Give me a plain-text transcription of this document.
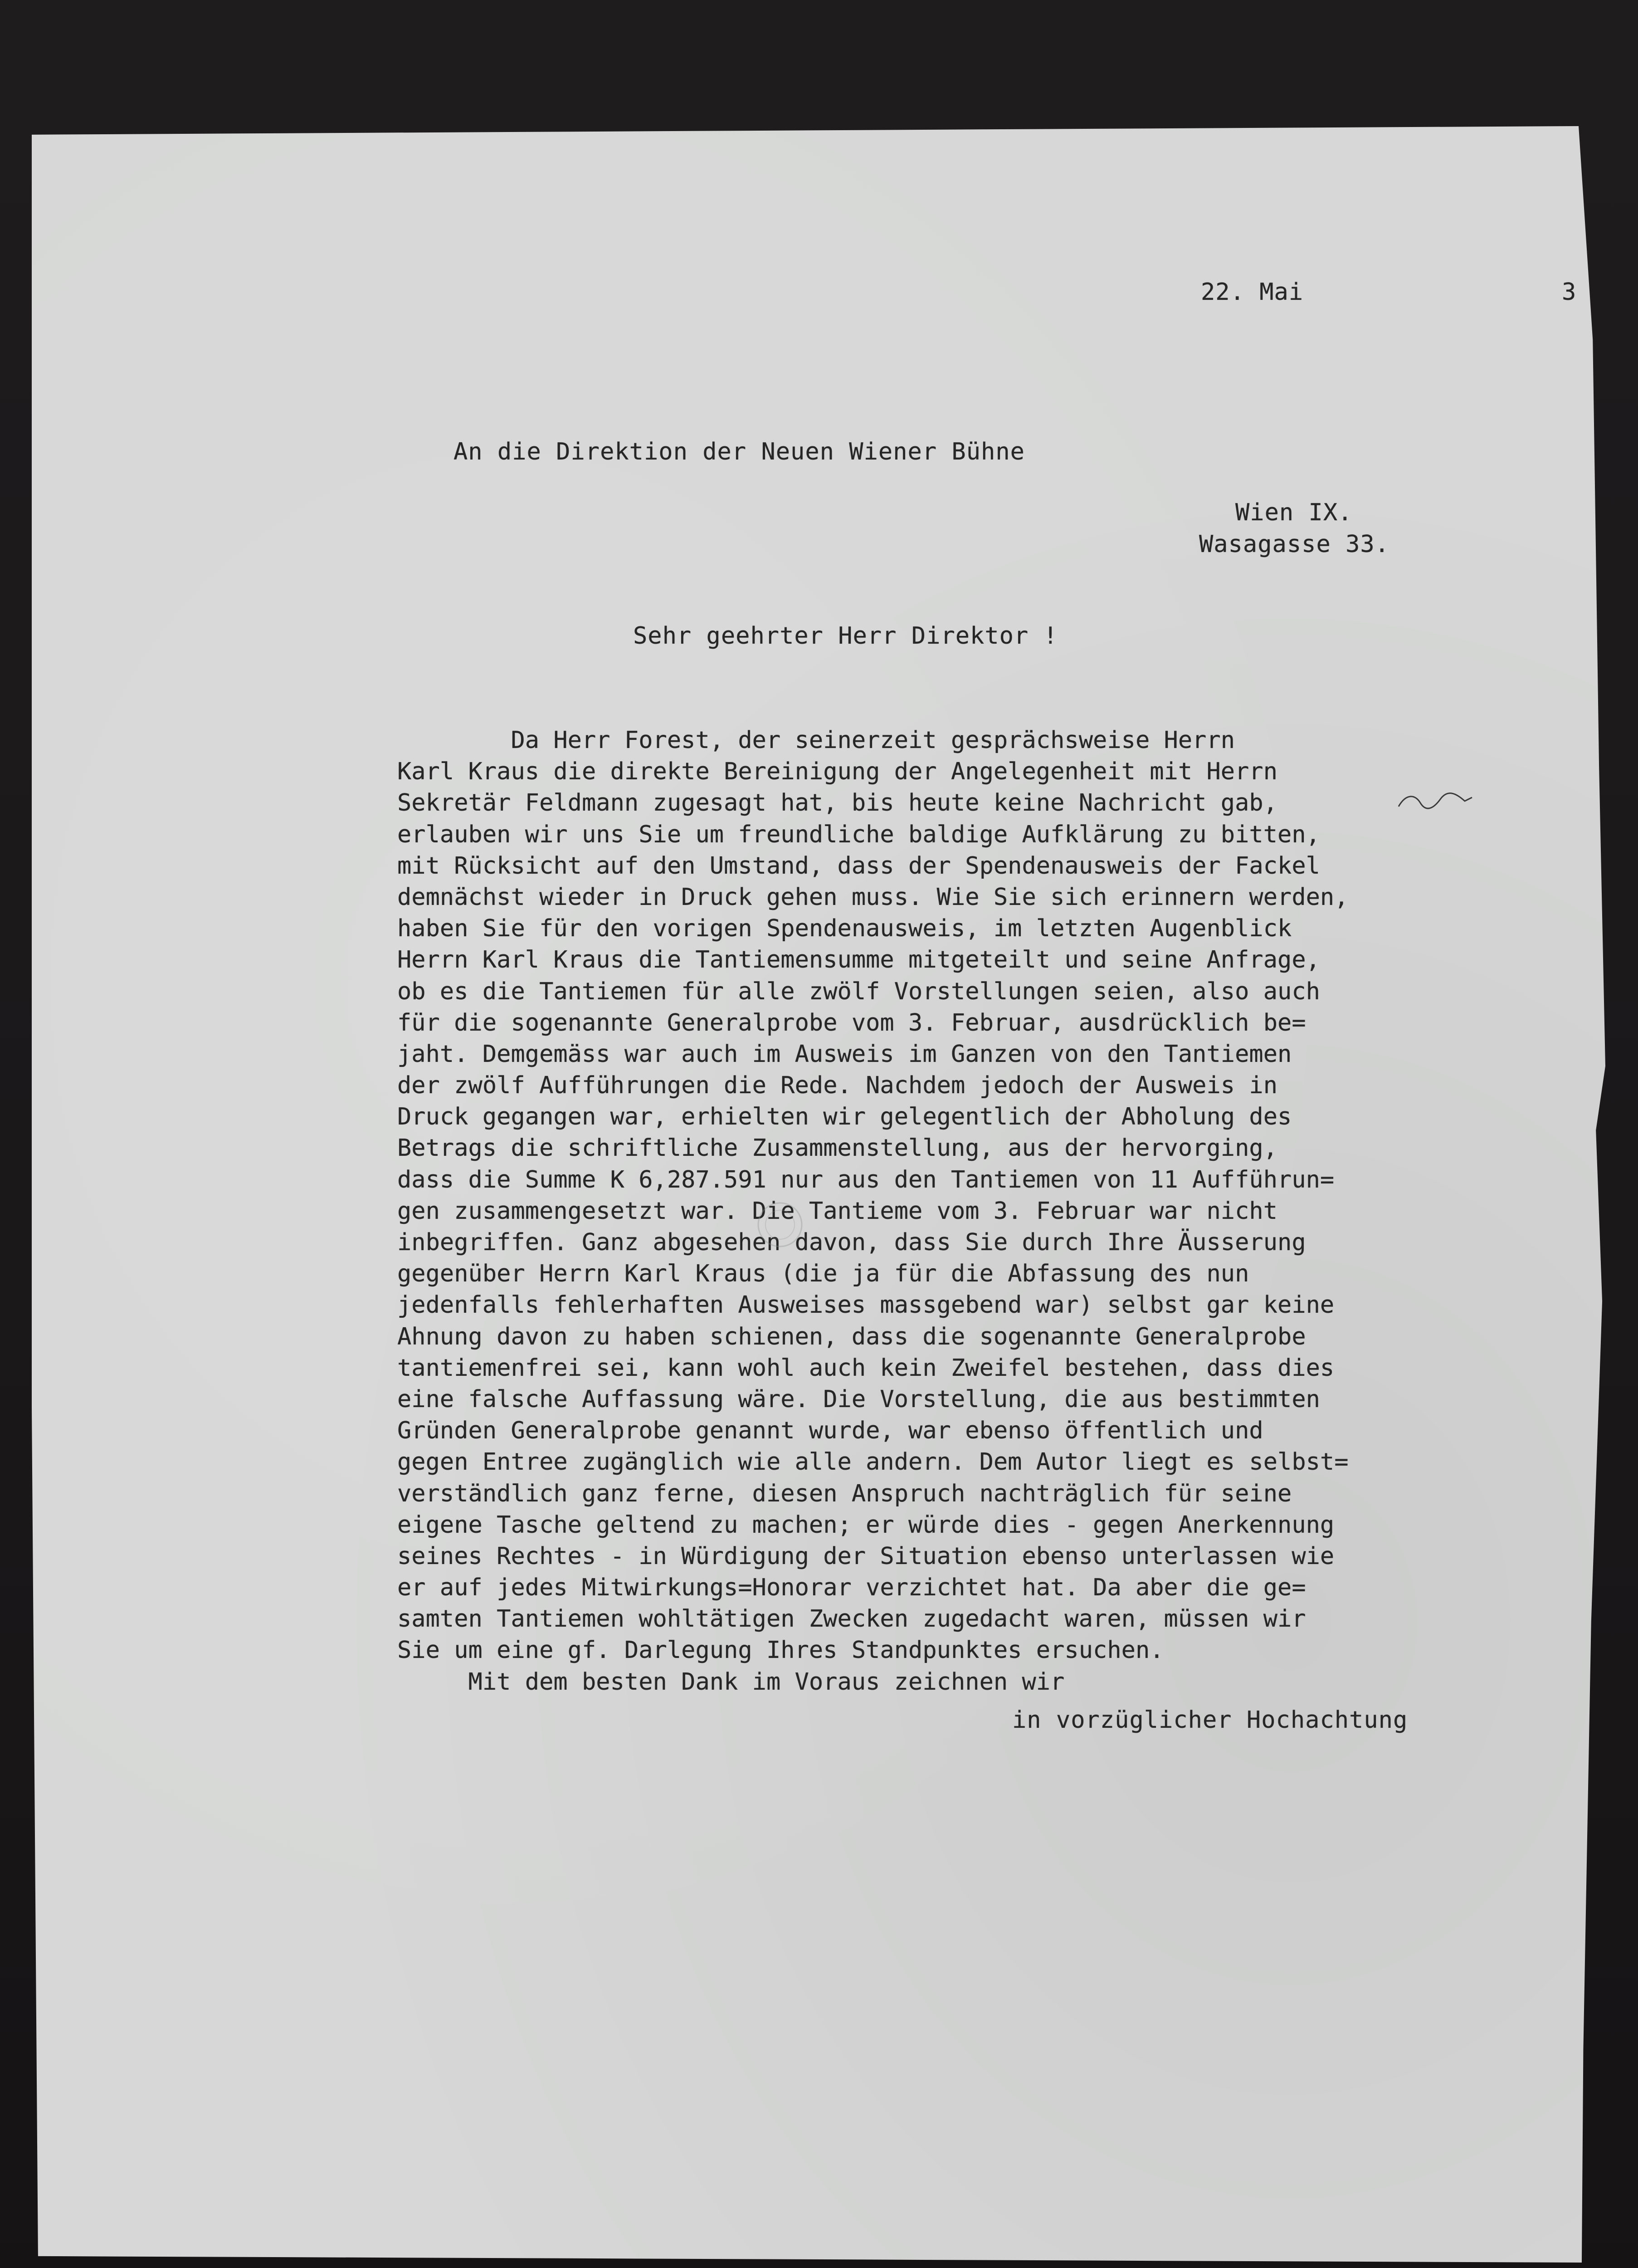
22. Mai	3

An die Direktion der Neuen Wiener Bühne

Wien IX.

Wasagasse 33.

Sehr geehrter Herr Direktor !

Da Herr Forest, der seinerzeit gesprächsweise Herrn
Karl Kraus die direkte Bereinigung der Angelegenheit mit Herrn
Sekretär Feldmann zugesagt hat, bis heute keine Nachricht gab,
erlauben wir uns Sie um freundliche baldige Aufklärung zu bitten,
mit Rücksicht auf den Umstand, dass der Spendenausweis der Fackel
demnächst wieder in Druck gehen muss. Wie Sie sich erinnern werden,
haben Sie für den vorigen Spendenausweis, im letzten Augenblick
Herrn Karl Kraus die Tantiemensumme mitgeteilt und seine Anfrage,
ob es die Tantiemen für alle zwölf Vorstellungen seien, also auch
für die sogenannte Generalprobe vom 3. Februar, ausdrücklich be=
jaht. Demgemäss war auch im Ausweis im Ganzen von den Tantiemen
der zwölf Aufführungen die Rede. Nachdem jedoch der Ausweis in
Druck gegangen war, erhielten wir gelegentlich der Abholung des
Betrags die schriftliche Zusammenstellung, aus der hervorging,
dass die Summe K 6,287.591 nur aus den Tantiemen von 11 Aufführun=
gen zusammengesetzt war. Die Tantieme vom 3. Februar war nicht
inbegriffen. Ganz abgesehen davon, dass Sie durch Ihre Äusserung
gegenüber Herrn Karl Kraus (die ja für die Abfassung des nun
jedenfalls fehlerhaften Ausweises massgebend war) selbst gar keine
Ahnung davon zu haben schienen, dass die sogenannte Generalprobe
tantiemenfrei sei, kann wohl auch kein Zweifel bestehen, dass dies
eine falsche Auffassung wäre. Die Vorstellung, die aus bestimmten
Gründen Generalprobe genannt wurde, war ebenso öffentlich und
gegen Entree zugänglich wie alle andern. Dem Autor liegt es selbst=
verständlich ganz ferne, diesen Anspruch nachträglich für seine
eigene Tasche geltend zu machen; er würde dies - gegen Anerkennung
seines Rechtes - in Würdigung der Situation ebenso unterlassen wie
er auf jedes Mitwirkungs=Honorar verzichtet hat. Da aber die ge=
samten Tantiemen wohltätigen Zwecken zugedacht waren, müssen wir
Sie um eine gf. Darlegung Ihres Standpunktes ersuchen.
Mit dem besten Dank im Voraus zeichnen wir

in vorzüglicher Hochachtung
